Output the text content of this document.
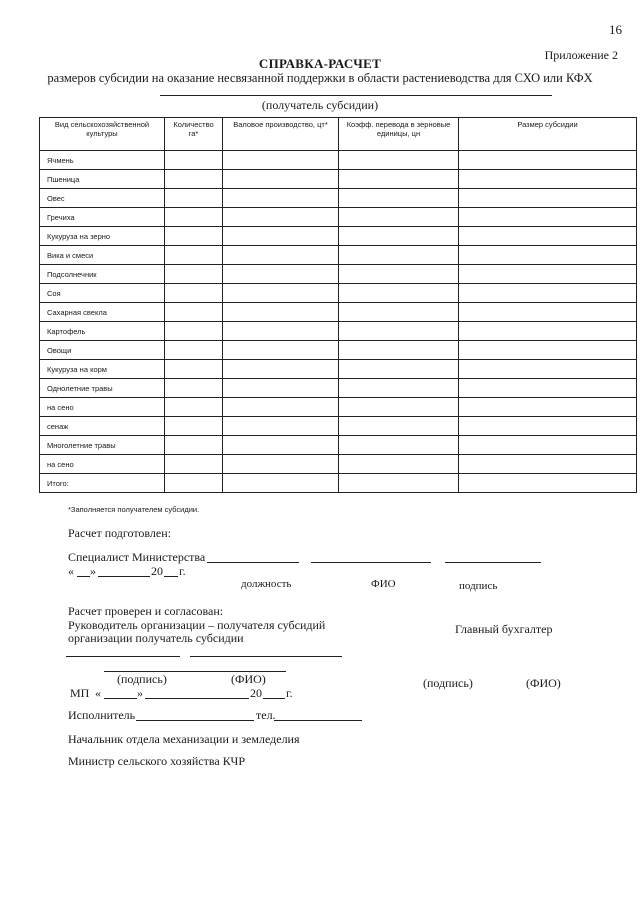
16
Приложение 2
СПРАВКА-РАСЧЕТ
размеров субсидии на оказание несвязанной поддержки в области растениеводства для СХО или КФХ
(получатель субсидии)
Вид сельскохозяйственной культуры	Количество га*	Валовое производство, цт*	Коэфф. перевода в зерновые единицы, цн	Размер субсидии
Ячмень				
Пшеница				
Овес				
Гречиха				
Кукуруза на зерно				
Вика и смеси				
Подсолнечник				
Соя				
Сахарная свекла				
Картофель				
Овощи				
Кукуруза на корм				
Однолетние травы				
на сено				
сенаж				
Многолетние травы				
на сено				
Итого:				
*Заполняется получателем субсидии.
Расчет подготовлен:
Специалист Министерства
« »	20 г.
должность	ФИО	подпись
Расчет проверен и согласован:
Руководитель организации – получателя субсидий
организации получатель субсидии
Главный бухгалтер
(подпись)	(ФИО)	(подпись)	(ФИО)
МП «	»	20 г.
Исполнитель	тел.
Начальник отдела механизации и земледелия
Министр сельского хозяйства КЧР
